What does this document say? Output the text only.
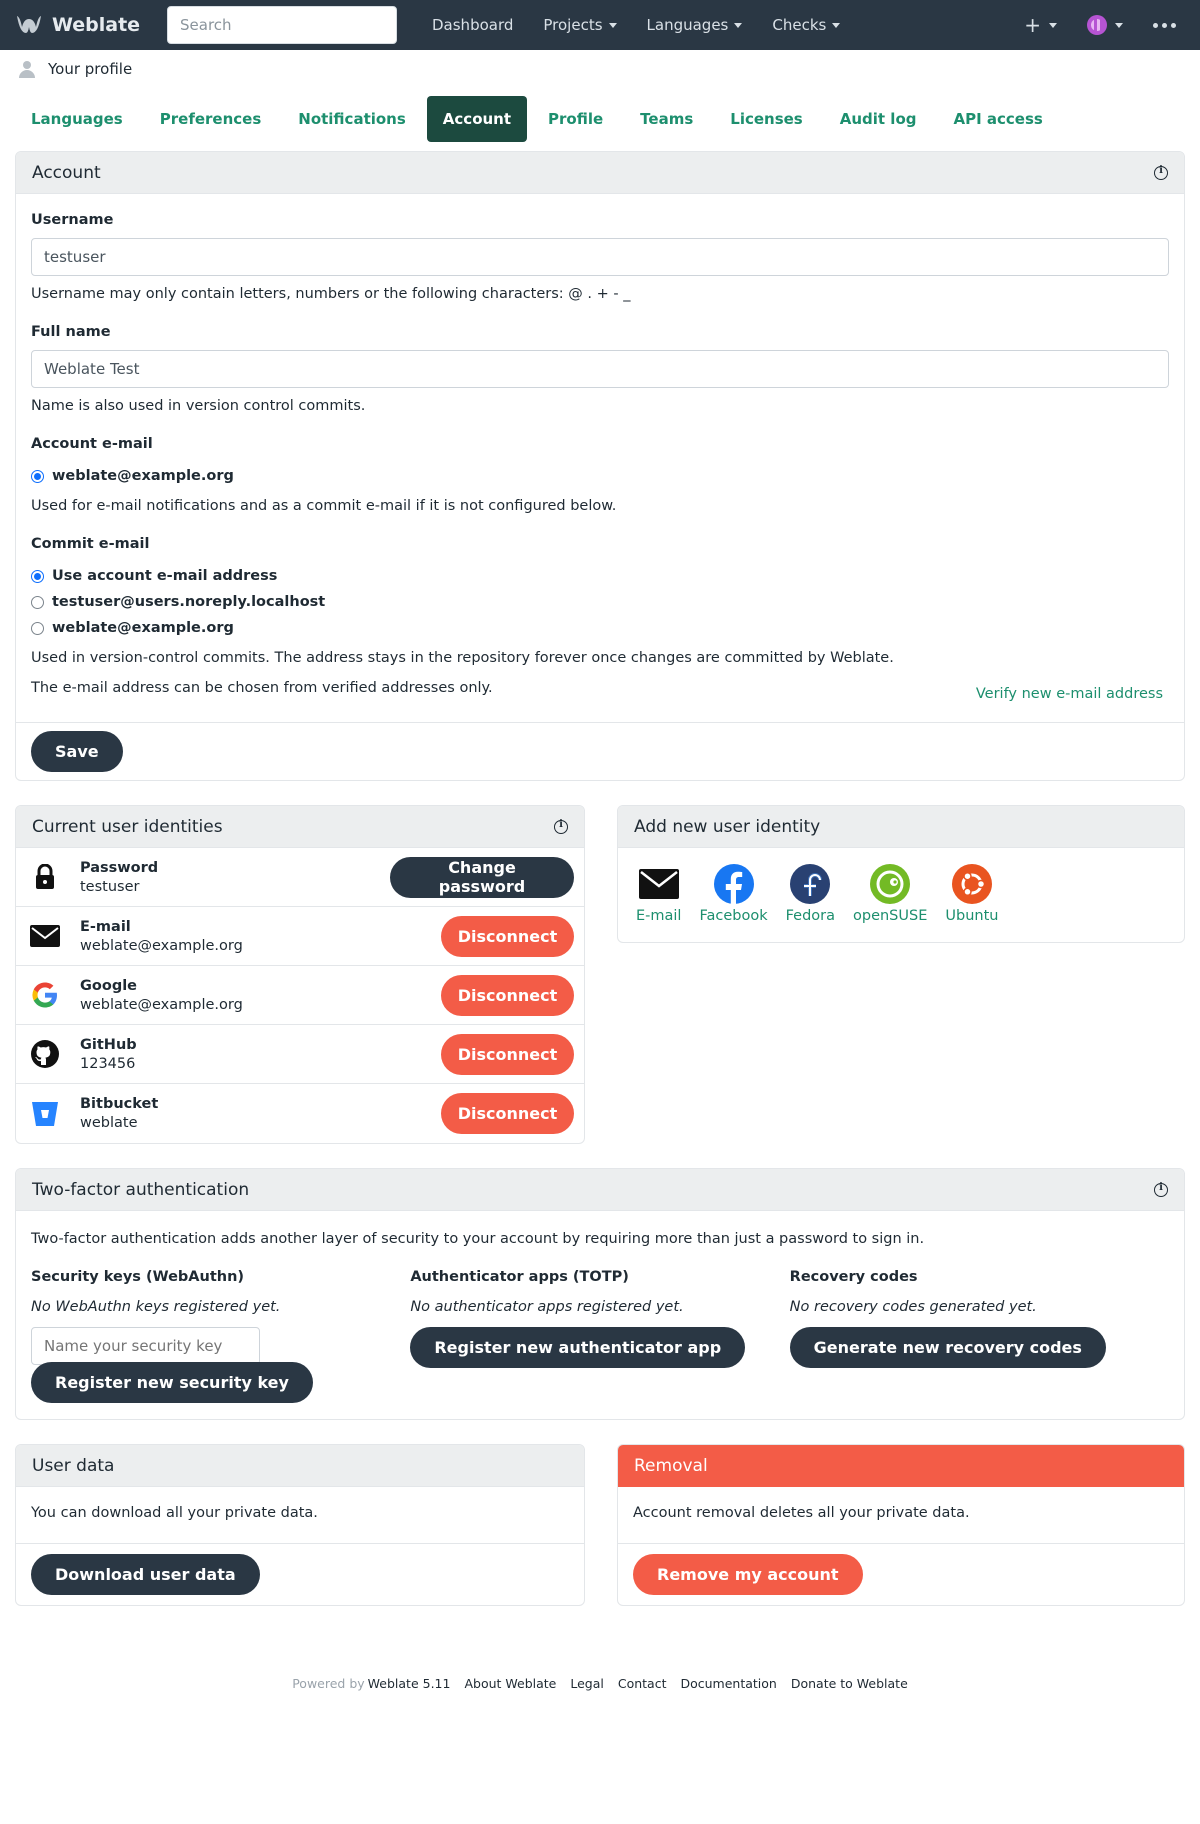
Weblate
Search	Dashboard Projects	Languages	Checks	+
Your profile
Languages	Preferences	Notifications	Account	Profile	Teams	Licenses	Audit log	API access
Account
i
Username
testuser
Username may only contain letters, numbers or the following characters: @ . + - _
Full name
Weblate Test
Name is also used in version control commits.
Account e-mail
weblate@example.org
Used for e-mail notifications and as a commit e-mail if it is not configured below.
Commit e-mail
Use account e-mail address
testuser@users.noreply.localhost
weblate@example.org
Used in version-control commits. The address stays in the repository forever once changes are committed by Weblate.
The e-mail address can be chosen from verified addresses only.	Verify new e-mail address
Save
Current user identities
i
Password
testuser
Change password
E-mail
weblate@example.org	Disconnect
Google
weblate@example.org	Disconnect
GitHub
123456	Disconnect
Bitbucket
weblate	Disconnect
Add new user identity
E-mail Facebook Fedora openSUSE Ubuntu
Two-factor authentication
i
Two-factor authentication adds another layer of security to your account by requiring more than just a password to sign in.
Security keys (WebAuthn)
No WebAuthn keys registered yet.
Name your security key
Register new security key
Authenticator apps (TOTP)
No authenticator apps registered yet.
Register new authenticator app
Recovery codes
No recovery codes generated yet.
Generate new recovery codes
User data
You can download all your private data.
Download user data
Removal
Account removal deletes all your private data.
Remove my account
Powered by Weblate 5.11 About Weblate Legal Contact Documentation Donate to Weblate
